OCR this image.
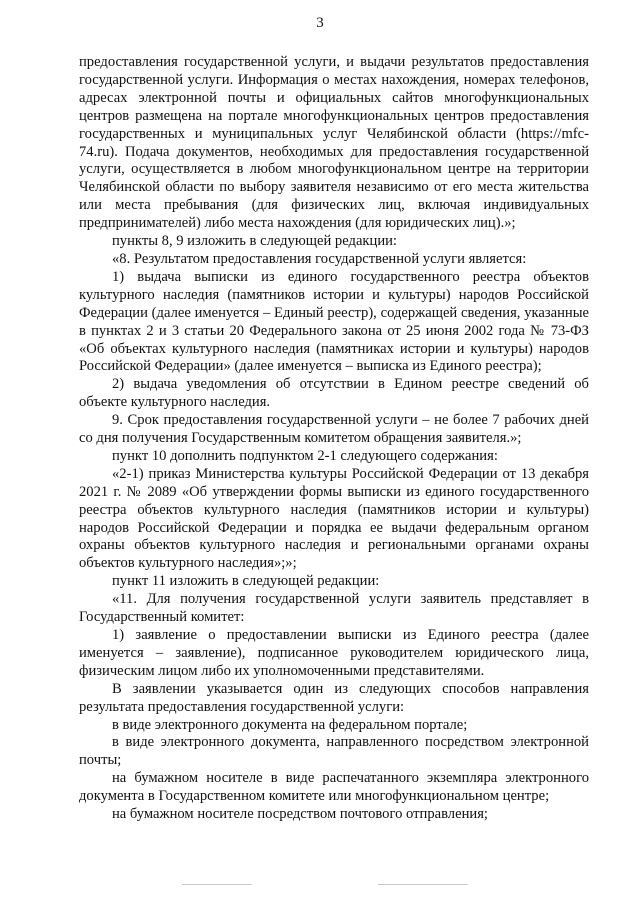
3

предоставления государственной услуги, и выдачи результатов предоставления государственной услуги. Информация о местах нахождения, номерах телефонов, адресах электронной почты и официальных сайтов многофункциональных центров размещена на портале многофункциональных центров предоставления государственных и муниципальных услуг Челябинской области (https://mfc-74.ru). Подача документов, необходимых для предоставления государственной услуги, осуществляется в любом многофункциональном центре на территории Челябинской области по выбору заявителя независимо от его места жительства или места пребывания (для физических лиц, включая индивидуальных предпринимателей) либо места нахождения (для юридических лиц).»;

пункты 8, 9 изложить в следующей редакции:

«8. Результатом предоставления государственной услуги является:

1) выдача выписки из единого государственного реестра объектов культурного наследия (памятников истории и культуры) народов Российской Федерации (далее именуется – Единый реестр), содержащей сведения, указанные в пунктах 2 и 3 статьи 20 Федерального закона от 25 июня 2002 года № 73-ФЗ «Об объектах культурного наследия (памятниках истории и культуры) народов Российской Федерации» (далее именуется – выписка из Единого реестра);

2) выдача уведомления об отсутствии в Едином реестре сведений об объекте культурного наследия.

9. Срок предоставления государственной услуги – не более 7 рабочих дней со дня получения Государственным комитетом обращения заявителя.»;

пункт 10 дополнить подпунктом 2-1 следующего содержания:

«2-1) приказ Министерства культуры Российской Федерации от 13 декабря 2021 г. № 2089 «Об утверждении формы выписки из единого государственного реестра объектов культурного наследия (памятников истории и культуры) народов Российской Федерации и порядка ее выдачи федеральным органом охраны объектов культурного наследия и региональными органами охраны объектов культурного наследия»;»;

пункт 11 изложить в следующей редакции:

«11. Для получения государственной услуги заявитель представляет в Государственный комитет:

1) заявление о предоставлении выписки из Единого реестра (далее именуется – заявление), подписанное руководителем юридического лица, физическим лицом либо их уполномоченными представителями.

В заявлении указывается один из следующих способов направления результата предоставления государственной услуги:

в виде электронного документа на федеральном портале;

в виде электронного документа, направленного посредством электронной почты;

на бумажном носителе в виде распечатанного экземпляра электронного документа в Государственном комитете или многофункциональном центре;

на бумажном носителе посредством почтового отправления;
